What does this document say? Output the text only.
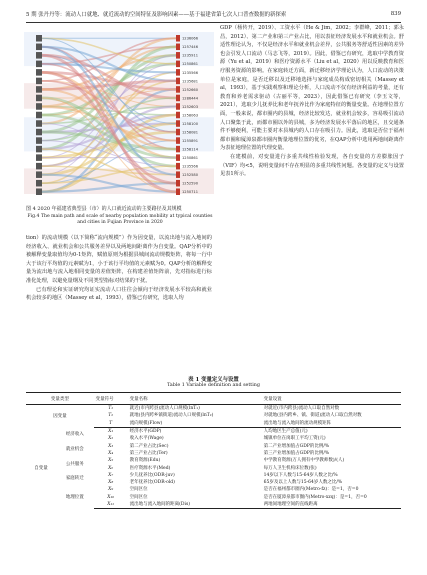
5 期 张丹丹等：流动人口就地、就近流动的空间特征及影响因素——基于福建省第七次人口普查数据的新探索	839
1236066
1257446
1235911
1250861
1235566
1235681
1252660
1286444
1252603
1258063
1258100
1258081
1255891
1258114
1250861
1235566
1252580
1252590
1250711
图 4 2020 年福建省典型县（市）的人口就近流动的主要路径及其规模
Fig.4 The main path and scale of nearby population mobility at typical counties and cities in Fujian Province in 2020

tion）的流动规模（以下简称“流向规模”）作为因变量，以流出地与流入地间的经济收入、就业机会和公共服务差异以及两地间距离作为自变量。QAP分析中的被解释变量取值均为0-1矩阵，赋值原则为根据县城间流动规模矩阵，将每一行中大于该行平均值的元素赋为1，小于该行平均值的元素赋为0。QAP分析的解释变量为流出地与流入地相同变量的差值矩阵，在构建差值矩阵前，先对指标进行标准化处理，以避免量纲及不同类型指标对结果的干扰。

已有理论和实证研究均证实流动人口往往会倾向于经济发展水平较高和就业机会较多的地区（Massey et al，1993），借鉴已有研究，选取人均

GDP（杨传开，2019）、工资水平（He & Jim，2002；李群峰，2011；郭永昌，2012）、第二产业和第三产业占比，用以表征经济发展水平和就业机会。舒适性理论认为，不仅是经济水平和就业机会差异，公共服务等舒适性因素的差异也会引发人口流动（马志飞等，2019）。因此，借鉴已有研究，选取中学教育资源（Yu et al，2019）和医疗资源水平（Liu et al，2020）用以反映教育和医疗服务资源的影响。在家庭转迁方面，新迁移经济学理论认为，人口流动的决策单位是家庭，是否迁移以及迁移地选择与家庭成员构成密切相关（Massey et al，1993），基于实践观察和理论分析，人口流动不仅有经济利益的考量，还有教育和养老需求驱动（古丽平等，2023），因此借鉴已有研究（李玉文等，2021），选取少儿抚养比和老年抚养比作为家庭特征的衡量变量。在地理位置方面，一般来说，都市圈内的县城，经济比较发达，就业机会较多，容易吸引流动人口聚集于此，而都市圈以外的县城，多为经济发展水平落后的地区，且交通条件不够便利，可能主要对本县城内的人口存在吸引力。因此，选取是否位于福州都市圈和厦漳泉都市圈内衡量地理位置的优劣，在QAP分析中选用两地间距离作为表征地理位置的代理变量。

在建模前，对变量进行多重共线性检验发现，各自变量的方差膨胀因子（VIF）均<5，说明变量间不存在明显的多重共线性问题。各变量的定义与设置见表1所示。

表 1 变量定义与设置
Table 1 Variable definition and setting
变量类型		变量符号	变量名称	变量设置
因变量		T₁	就近(市内跨县)流动人口规模(lnT₁)	对就近(市内跨县)流动人口取自然对数
		T₂	就地(县内跨乡镇街道)流动人口规模(lnT₂)	对就地(县内跨乡、镇、街道)流动人口取自然对数
		T	流向规模(Flow)	流出地与流入地间的流动规模矩阵
自变量	经济收入	X₁	经济水平(GDP)	人均地区生产总值(元)
		X₂	收入水平(Wage)	城镇单位在岗职工平均工资(元)
	就业机会	X₃	第二产业占比(Sec)	第二产业增加值占GDP的比例/%
		X₄	第三产业占比(Ter)	第三产业增加值占GDP的比例/%
	公共服务	X₅	教育资源(Edu)	中学教育资源(万人拥有中学教师数)/(人)
		X₆	医疗资源水平(Med)	每万人卫生机构床位数(张)
	家庭转迁	X₇	少儿抚养比(ODR-juv)	14岁以下人数与15-64岁人数之比/%
		X₈	老年抚养比(ODR-old)	65岁及以上人数与15-64岁人数之比/%
	地理位置	X₉	空间区位	是否在福州都市圈内(Metro-fz)：是=1，否=0
		X₁₀	空间区位	是否在厦漳泉都市圈内(Metro-xzq)：是=1，否=0
		X₁₁	流出地与流入地间的距离(Dis)	两地间地理空间的直线距离
